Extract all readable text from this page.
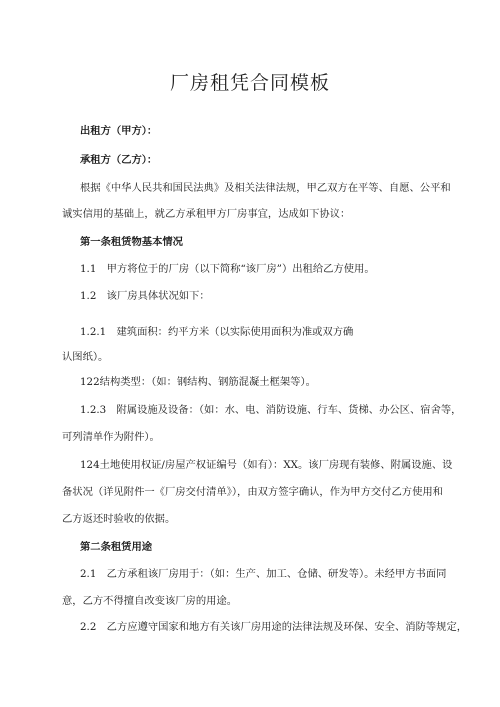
厂房租凭合同模板
出租方（甲方）：
承租方（乙方）：
根据《中华人民共和国民法典》及相关法律法规，甲乙双方在平等、自愿、公平和
诚实信用的基础上，就乙方承租甲方厂房事宜，达成如下协议：
第一条租赁物基本情况
1.1　甲方将位于的厂房（以下简称“该厂房”）出租给乙方使用。
1.2　该厂房具体状况如下：
1.2.1　建筑面积：约平方米（以实际使用面积为准或双方确
认图纸）。
122结构类型：（如：钢结构、钢筋混凝土框架等）。
1.2.3　附属设施及设备：（如：水、电、消防设施、行车、货梯、办公区、宿舍等，
可列清单作为附件）。
124土地使用权证/房屋产权证编号（如有）：XX。该厂房现有装修、附属设施、设
备状况（详见附件一《厂房交付清单》），由双方签字确认，作为甲方交付乙方使用和
乙方返还时验收的依据。
第二条租赁用途
2.1　乙方承租该厂房用于：（如：生产、加工、仓储、研发等）。未经甲方书面同
意，乙方不得擅自改变该厂房的用途。
2.2　乙方应遵守国家和地方有关该厂房用途的法律法规及环保、安全、消防等规定，
